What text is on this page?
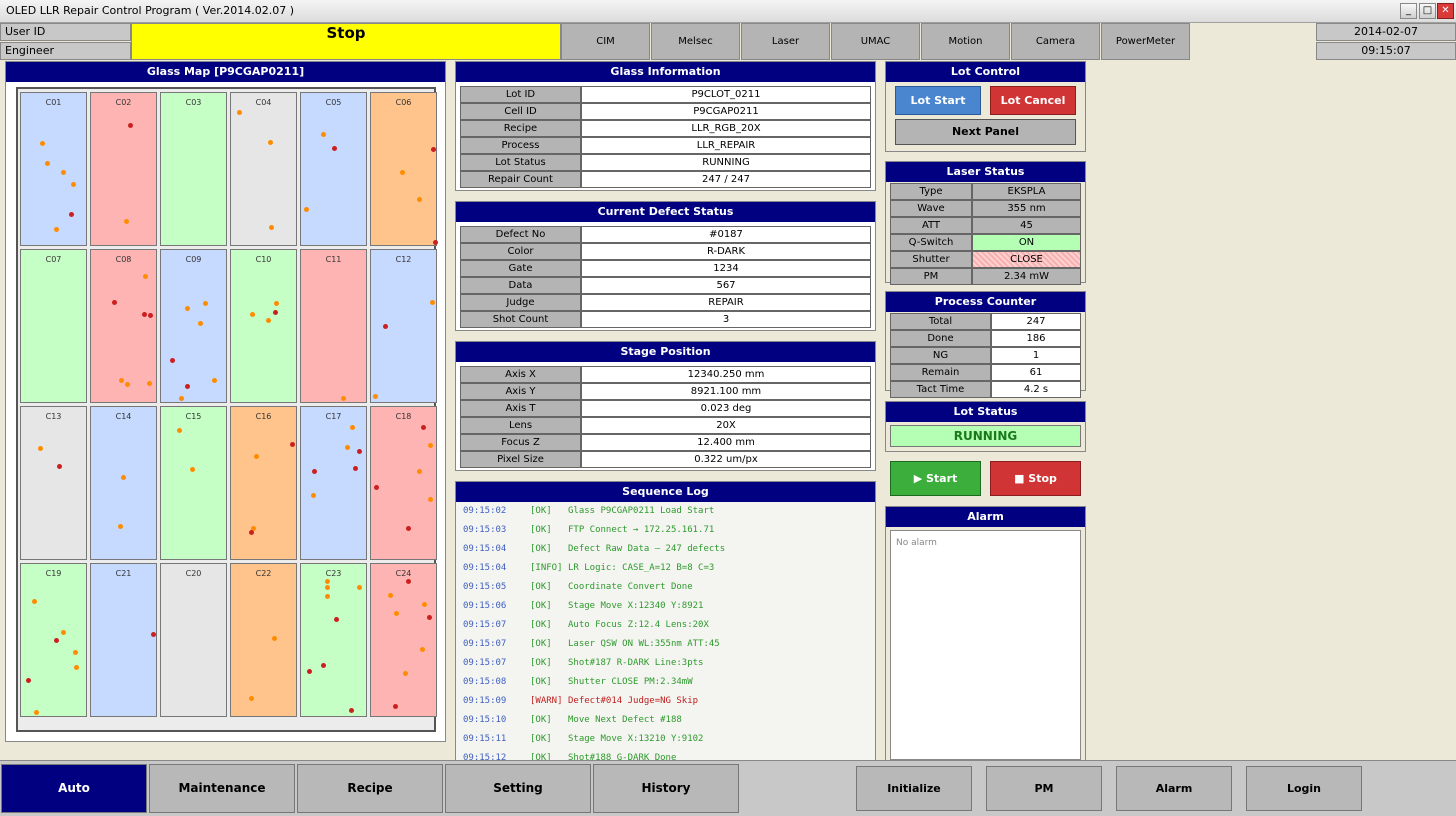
OLED LLR Repair Control Program ( Ver.2014.02.07 )	_	□ ✕
User ID
Engineer
Stop	CIM	Melsec	Laser	UMAC	Motion	Camera	PowerMeter
2014-02-07
09:15:07
Glass Map [P9CGAP0211]
C01	C02	C03	C04	C05	C06
C07	C08	C09	C10	C11	C12
C13	C14	C15	C16	C17	C18
C19	C21	C20	C22	C23	C24
Glass Information
Lot ID	P9CLOT_0211
Cell ID	P9CGAP0211
Recipe	LLR_RGB_20X
Process	LLR_REPAIR
Lot Status	RUNNING
Repair Count	247 / 247
Current Defect Status
Defect No	#0187
Color	R-DARK
Gate	1234
Data	567
Judge	REPAIR
Shot Count	3
Stage Position
Axis X	12340.250 mm
Axis Y	8921.100 mm
Axis T	0.023 deg
Lens	20X
Focus Z	12.400 mm
Pixel Size	0.322 um/px
Sequence Log
09:15:02	[OK] Glass P9CGAP0211 Load Start
09:15:03	[OK] FTP Connect → 172.25.161.71
09:15:04	[OK] Defect Raw Data — 247 defects
09:15:04	[INFO] LR Logic: CASE_A=12 B=8 C=3
09:15:05	[OK] Coordinate Convert Done
09:15:06	[OK] Stage Move X:12340 Y:8921
09:15:07	[OK] Auto Focus Z:12.4 Lens:20X
09:15:07	[OK] Laser QSW ON WL:355nm ATT:45
09:15:07	[OK] Shot#187 R-DARK Line:3pts
09:15:08	[OK] Shutter CLOSE PM:2.34mW
09:15:09	[WARN] Defect#014 Judge=NG Skip
09:15:10	[OK] Move Next Defect #188
09:15:11	[OK] Stage Move X:13210 Y:9102
09:15:12	[OK] Shot#188 G-DARK Done
Lot Control
Lot Start	Lot Cancel
Next Panel
Laser Status
Type	EKSPLA
Wave	355 nm
ATT	45
Q-Switch	ON
Shutter	CLOSE
PM	2.34 mW
Process Counter
Total	247
Done	186
NG	1
Remain	61
Tact Time	4.2 s
Lot Status
RUNNING
▶ Start	■ Stop
Alarm
No alarm
Auto	Maintenance	Recipe	Setting	History	Initialize	PM	Alarm	Login
